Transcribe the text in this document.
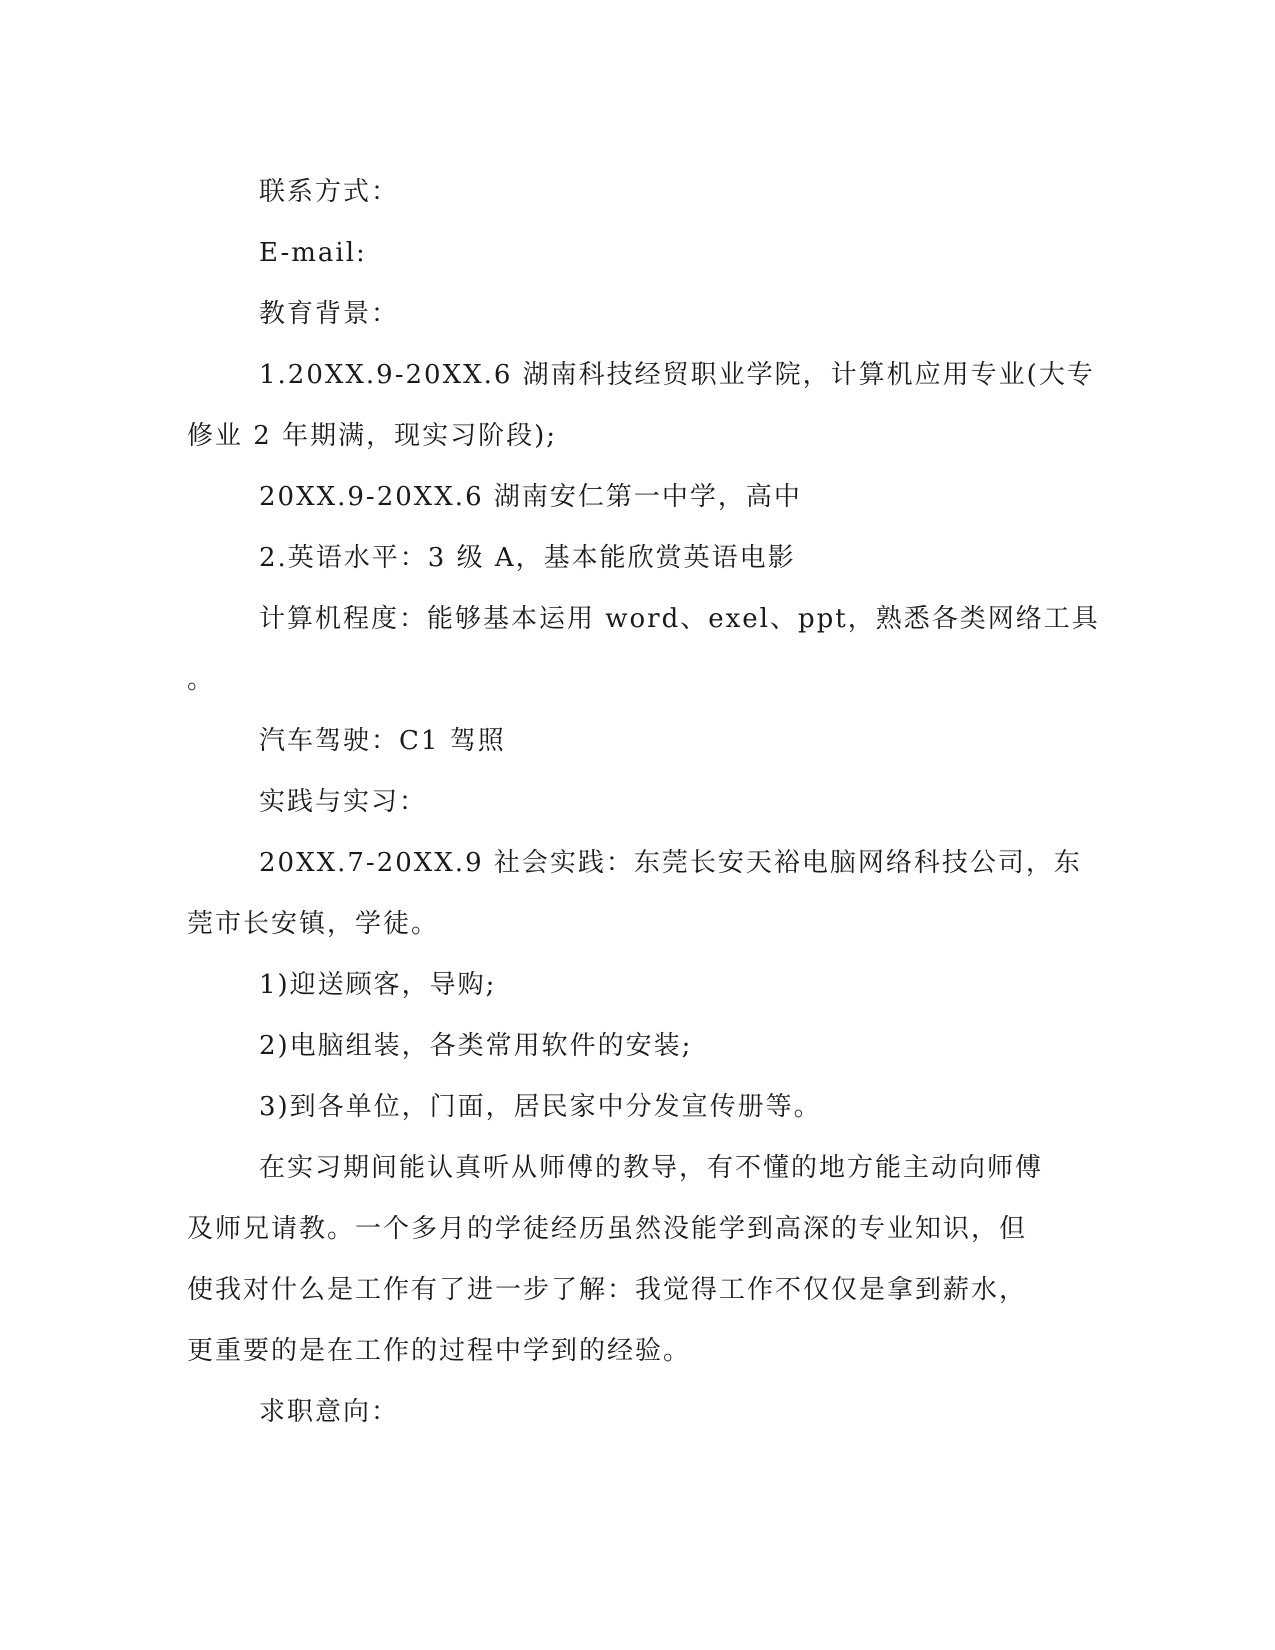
联系方式：
E-mail:
教育背景：
1.20XX.9-20XX.6 湖南科技经贸职业学院，计算机应用专业(大专
修业 2 年期满，现实习阶段);
20XX.9-20XX.6 湖南安仁第一中学，高中
2.英语水平：3 级 A，基本能欣赏英语电影
计算机程度：能够基本运用 word、exel、ppt，熟悉各类网络工具
。
汽车驾驶：C1 驾照
实践与实习：
20XX.7-20XX.9 社会实践：东莞长安天裕电脑网络科技公司，东
莞市长安镇，学徒。
1)迎送顾客，导购;
2)电脑组装，各类常用软件的安装;
3)到各单位，门面，居民家中分发宣传册等。
在实习期间能认真听从师傅的教导，有不懂的地方能主动向师傅
及师兄请教。一个多月的学徒经历虽然没能学到高深的专业知识，但
使我对什么是工作有了进一步了解：我觉得工作不仅仅是拿到薪水，
更重要的是在工作的过程中学到的经验。
求职意向：
